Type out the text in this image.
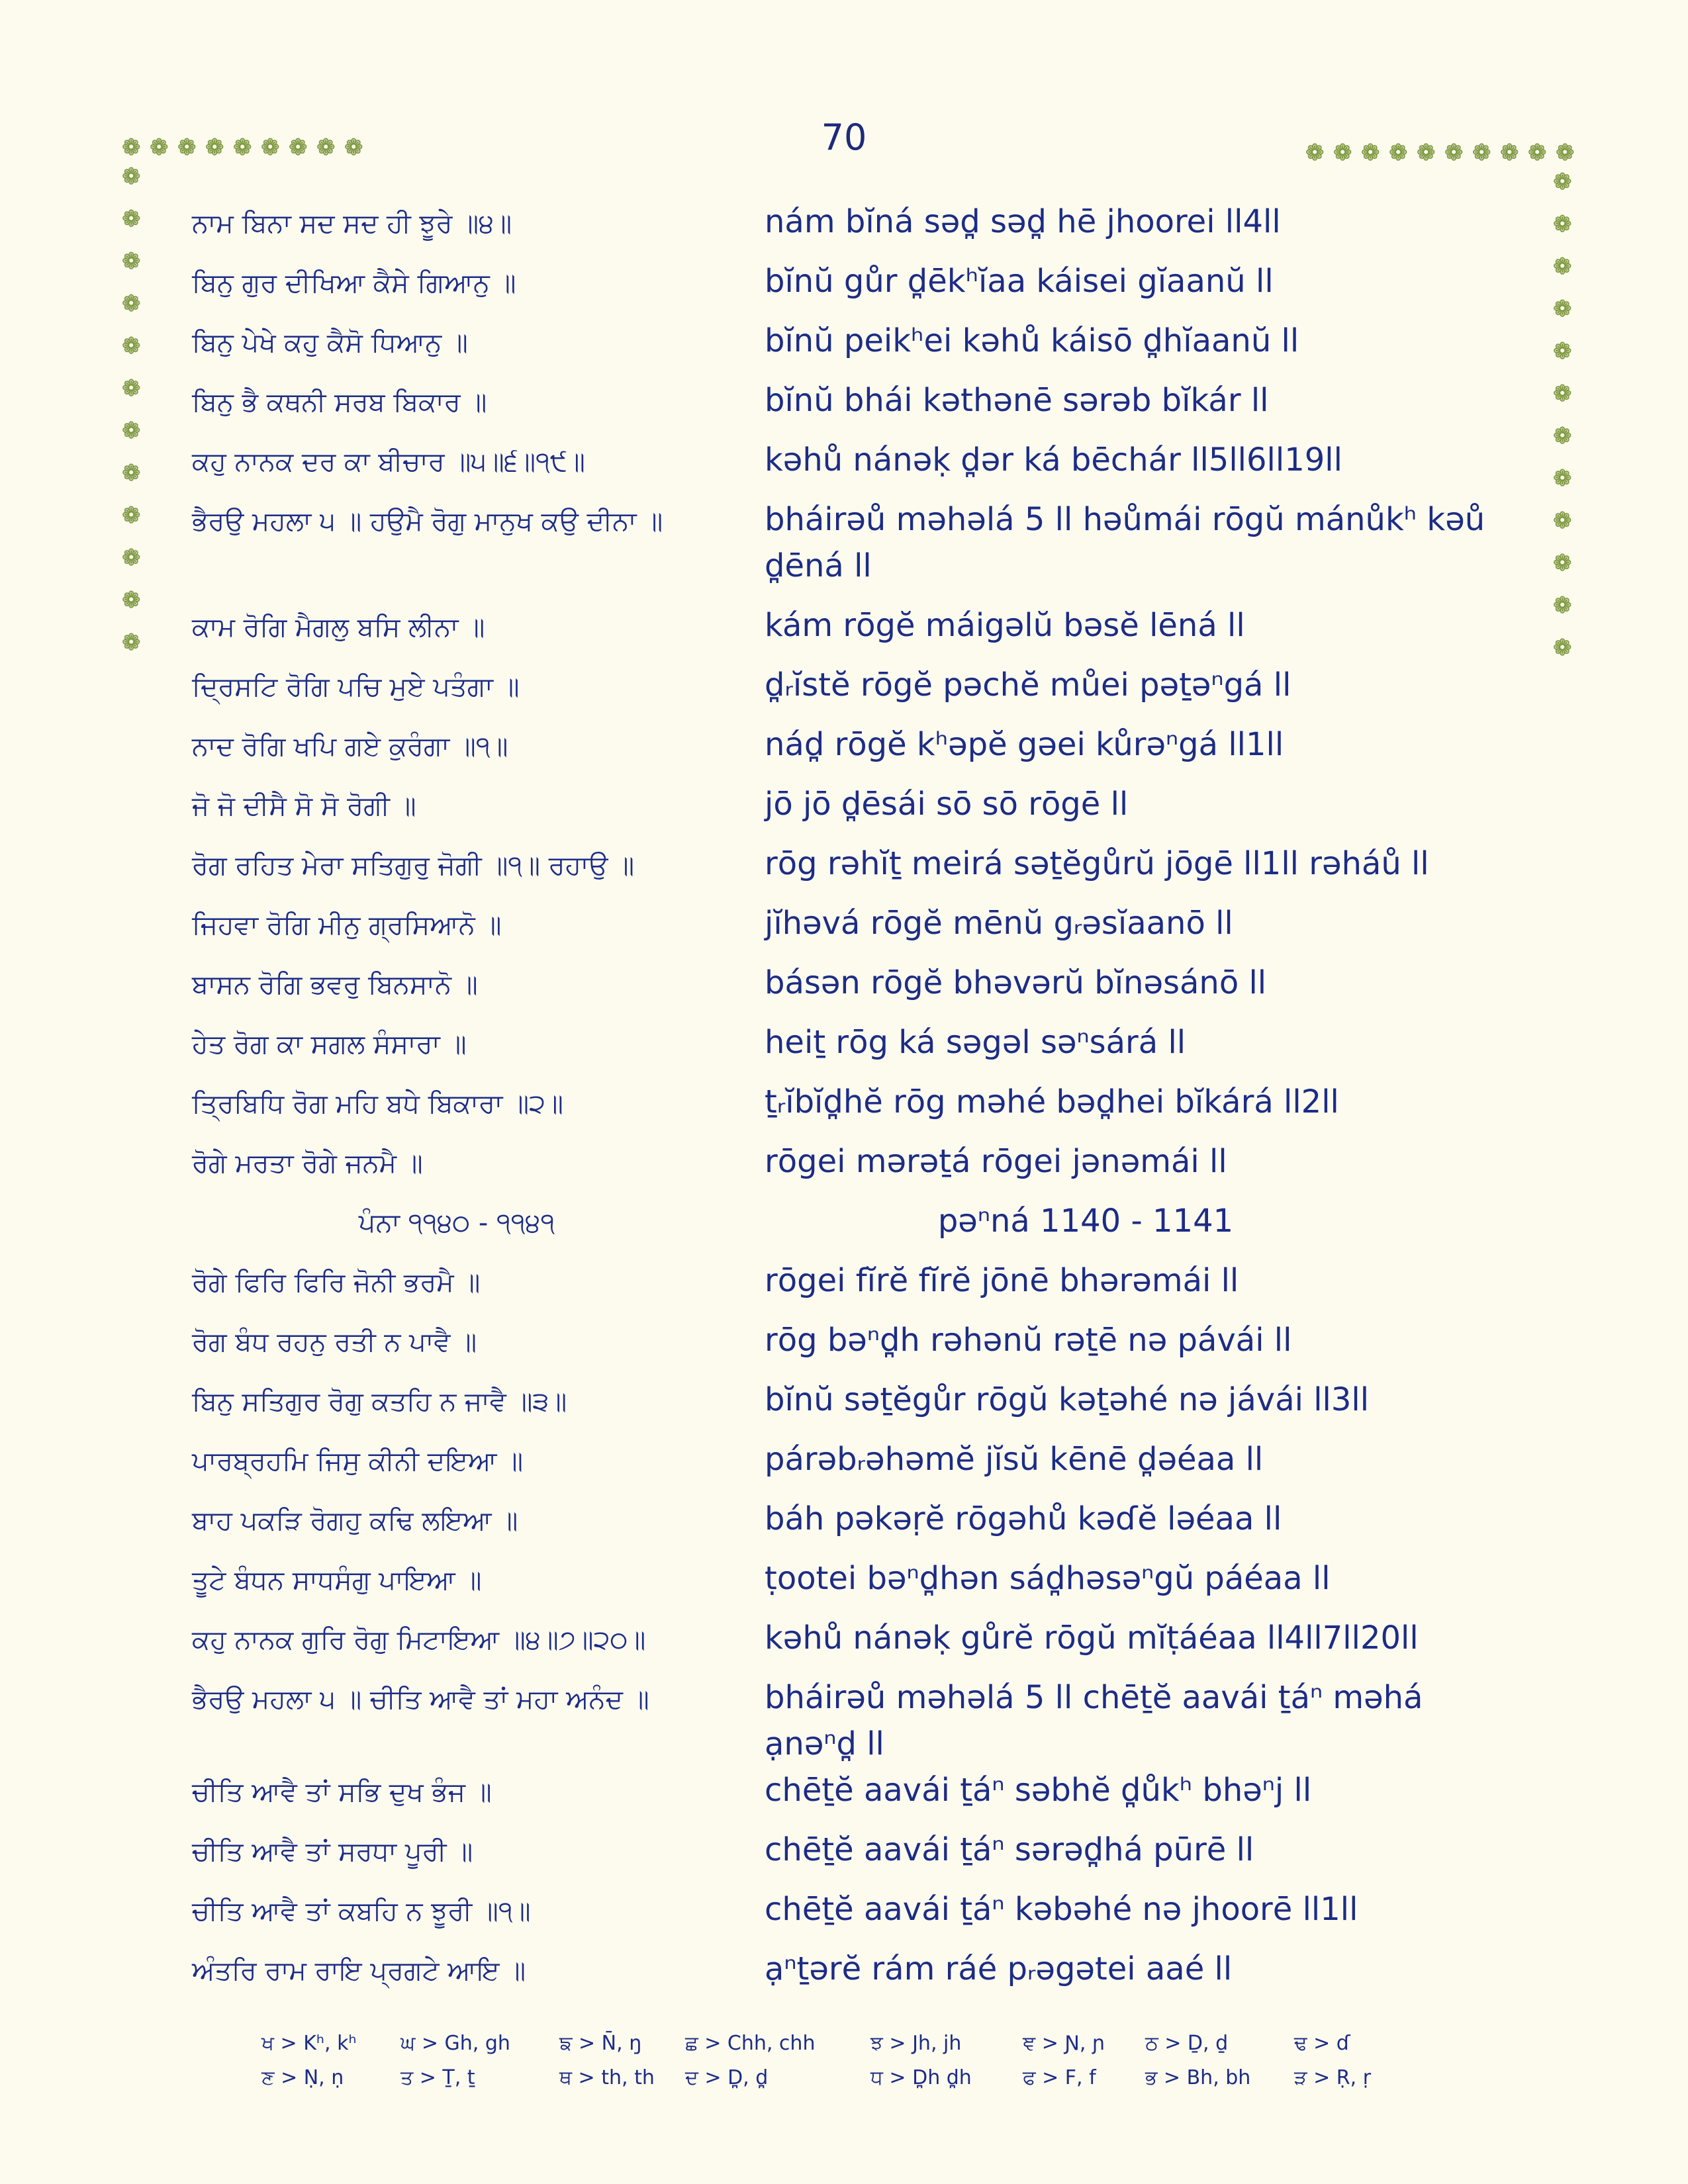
70
❁ ❁ ❁ ❁ ❁ ❁ ❁ ❁ ❁
❁
❁
❁
❁
❁
❁
❁
❁
❁
❁
❁
❁
❁ ❁ ❁ ❁ ❁ ❁ ❁ ❁ ❁ ❁
❁
❁
❁
❁
❁
❁
❁
❁
❁
❁
❁
❁
ਨਾਮ ਬਿਨਾ ਸਦ ਸਦ ਹੀ ਝੂਰੇ ॥੪॥	nám bĭná səd̪ səd̪ hē jhoorei ll4ll
ਬਿਨੁ ਗੁਰ ਦੀਖਿਆ ਕੈਸੇ ਗਿਆਨੁ ॥	bĭnŭ gůr d̪ēkʰĭaa káisei gĭaanŭ ll
ਬਿਨੁ ਪੇਖੇ ਕਹੁ ਕੈਸੋ ਧਿਆਨੁ ॥	bĭnŭ peikʰei kəhů káisō d̪hĭaanŭ ll
ਬਿਨੁ ਭੈ ਕਥਨੀ ਸਰਬ ਬਿਕਾਰ ॥	bĭnŭ bhái kəthənē sərəb bĭkár ll
ਕਹੁ ਨਾਨਕ ਦਰ ਕਾ ਬੀਚਾਰ ॥੫॥੬॥੧੯॥	kəhů nánəḳ d̪ər ká bēchár ll5ll6ll19ll
ਭੈਰਉ ਮਹਲਾ ੫ ॥ ਹਉਮੈ ਰੋਗੁ ਮਾਨੁਖ ਕਉ ਦੀਨਾ ॥	bháirəů məhəlá 5 ll həůmái rōgŭ mánůkʰ kəů d̪ēná ll
ਕਾਮ ਰੋਗਿ ਮੈਗਲੁ ਬਸਿ ਲੀਨਾ ॥	kám rōgĕ máigəlŭ bəsĕ lēná ll
ਦ੍ਰਿਸਟਿ ਰੋਗਿ ਪਚਿ ਮੁਏ ਪਤੰਗਾ ॥	d̪ᵣĭstĕ rōgĕ pəchĕ můei pəṯəⁿgá ll
ਨਾਦ ਰੋਗਿ ਖਪਿ ਗਏ ਕੁਰੰਗਾ ॥੧॥	nád̪ rōgĕ kʰəpĕ gəei kůrəⁿgá ll1ll
ਜੋ ਜੋ ਦੀਸੈ ਸੋ ਸੋ ਰੋਗੀ ॥	jō jō d̪ēsái sō sō rōgē ll
ਰੋਗ ਰਹਿਤ ਮੇਰਾ ਸਤਿਗੁਰੁ ਜੋਗੀ ॥੧॥ ਰਹਾਉ ॥	rōg rəhĭṯ meirá səṯĕgůrŭ jōgē ll1ll rəháů ll
ਜਿਹਵਾ ਰੋਗਿ ਮੀਨੁ ਗ੍ਰਸਿਆਨੋ ॥	jĭhəvá rōgĕ mēnŭ gᵣəsĭaanō ll
ਬਾਸਨ ਰੋਗਿ ਭਵਰੁ ਬਿਨਸਾਨੋ ॥	básən rōgĕ bhəvərŭ bĭnəsánō ll
ਹੇਤ ਰੋਗ ਕਾ ਸਗਲ ਸੰਸਾਰਾ ॥	heiṯ rōg ká səgəl səⁿsárá ll
ਤ੍ਰਿਬਿਧਿ ਰੋਗ ਮਹਿ ਬਧੇ ਬਿਕਾਰਾ ॥੨॥	ṯᵣĭbĭd̪hĕ rōg məhé bəd̪hei bĭkárá ll2ll
ਰੋਗੇ ਮਰਤਾ ਰੋਗੇ ਜਨਮੈ ॥	rōgei mərəṯá rōgei jənəmái ll
ਪੰਨਾ ੧੧੪੦ - ੧੧੪੧	pəⁿná 1140 - 1141
ਰੋਗੇ ਫਿਰਿ ਫਿਰਿ ਜੋਨੀ ਭਰਮੈ ॥	rōgei fĭrĕ fĭrĕ jōnē bhərəmái ll
ਰੋਗ ਬੰਧ ਰਹਨੁ ਰਤੀ ਨ ਪਾਵੈ ॥	rōg bəⁿd̪h rəhənŭ rəṯē nə pávái ll
ਬਿਨੁ ਸਤਿਗੁਰ ਰੋਗੁ ਕਤਹਿ ਨ ਜਾਵੈ ॥੩॥	bĭnŭ səṯĕgůr rōgŭ kəṯəhé nə jávái ll3ll
ਪਾਰਬ੍ਰਹਮਿ ਜਿਸੁ ਕੀਨੀ ਦਇਆ ॥	párəbᵣəhəmĕ jĭsŭ kēnē d̪əéaa ll
ਬਾਹ ਪਕੜਿ ਰੋਗਹੁ ਕਢਿ ਲਇਆ ॥	báh pəkəṛĕ rōgəhů kəɗĕ ləéaa ll
ਤੂਟੇ ਬੰਧਨ ਸਾਧਸੰਗੁ ਪਾਇਆ ॥	ṭootei bəⁿd̪hən sád̪həsəⁿgŭ páéaa ll
ਕਹੁ ਨਾਨਕ ਗੁਰਿ ਰੋਗੁ ਮਿਟਾਇਆ ॥੪॥੭॥੨੦॥	kəhů nánəḳ gůrĕ rōgŭ mĭṭáéaa ll4ll7ll20ll
ਭੈਰਉ ਮਹਲਾ ੫ ॥ ਚੀਤਿ ਆਵੈ ਤਾਂ ਮਹਾ ਅਨੰਦ ॥	bháirəů məhəlá 5 ll chēṯĕ aavái ṯáⁿ məhá ạnəⁿd̪ ll
ਚੀਤਿ ਆਵੈ ਤਾਂ ਸਭਿ ਦੁਖ ਭੰਜ ॥	chēṯĕ aavái ṯáⁿ səbhĕ d̪ůkʰ bhəⁿj ll
ਚੀਤਿ ਆਵੈ ਤਾਂ ਸਰਧਾ ਪੂਰੀ ॥	chēṯĕ aavái ṯáⁿ sərəd̪há pūrē ll
ਚੀਤਿ ਆਵੈ ਤਾਂ ਕਬਹਿ ਨ ਝੂਰੀ ॥੧॥	chēṯĕ aavái ṯáⁿ kəbəhé nə jhoorē ll1ll
ਅੰਤਰਿ ਰਾਮ ਰਾਇ ਪ੍ਰਗਟੇ ਆਇ ॥	ạⁿṯərĕ rám ráé pᵣəgətei aaé ll
ਖ > Kʰ, kʰ ਘ > Gh, gh ਙ > N̄, ŋ ਛ > Chh, chh	ਝ > Jh, jh	ਞ > Ɲ, ɲ ਠ > Ḏ, ḏ	ਢ > ɗ
ਣ > Ṇ, ṇ	ਤ > Ṯ, ṯ	ਥ > th, th ਦ > D̪, d̪	ਧ > D̪h d̪h	ਫ > F, f ਭ > Bh, bh ੜ > Ṛ, ṛ
